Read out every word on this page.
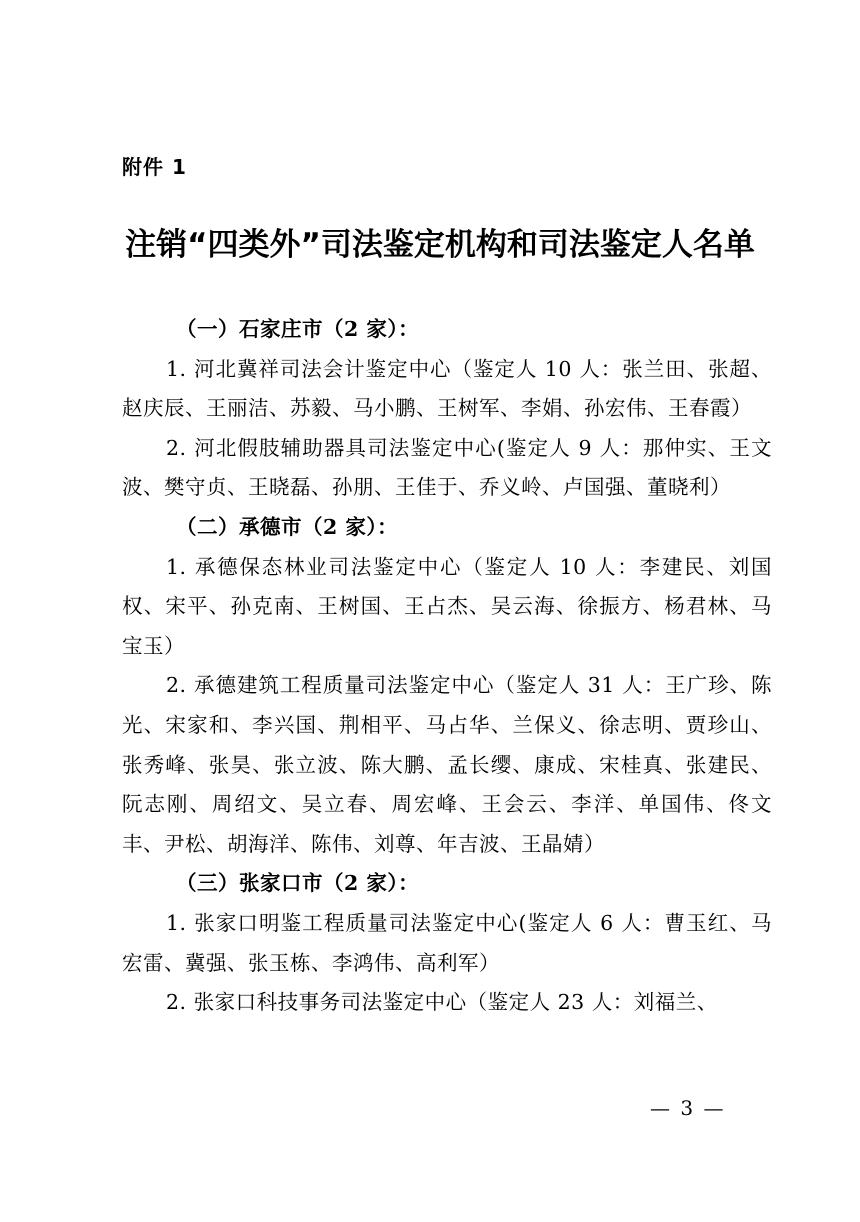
附件 1
注销“四类外”司法鉴定机构和司法鉴定人名单

（一）石家庄市（2 家）：

1. 河北冀祥司法会计鉴定中心（鉴定人 10 人：张兰田、张超、赵庆辰、王丽洁、苏毅、马小鹏、王树军、李娟、孙宏伟、王春霞）

2. 河北假肢辅助器具司法鉴定中心(鉴定人 9 人：那仲实、王文波、樊守贞、王晓磊、孙朋、王佳于、乔义岭、卢国强、董晓利）

（二）承德市（2 家）：

1. 承德保态林业司法鉴定中心（鉴定人 10 人：李建民、刘国权、宋平、孙克南、王树国、王占杰、吴云海、徐振方、杨君林、马宝玉）

2. 承德建筑工程质量司法鉴定中心（鉴定人 31 人：王广珍、陈光、宋家和、李兴国、荆相平、马占华、兰保义、徐志明、贾珍山、张秀峰、张昊、张立波、陈大鹏、孟长缨、康成、宋桂真、张建民、阮志刚、周绍文、吴立春、周宏峰、王会云、李洋、单国伟、佟文丰、尹松、胡海洋、陈伟、刘尊、年吉波、王晶婧）

（三）张家口市（2 家）：

1. 张家口明鉴工程质量司法鉴定中心(鉴定人 6 人：曹玉红、马宏雷、冀强、张玉栋、李鸿伟、高利军）

2. 张家口科技事务司法鉴定中心（鉴定人 23 人：刘福兰、

— 3 —
